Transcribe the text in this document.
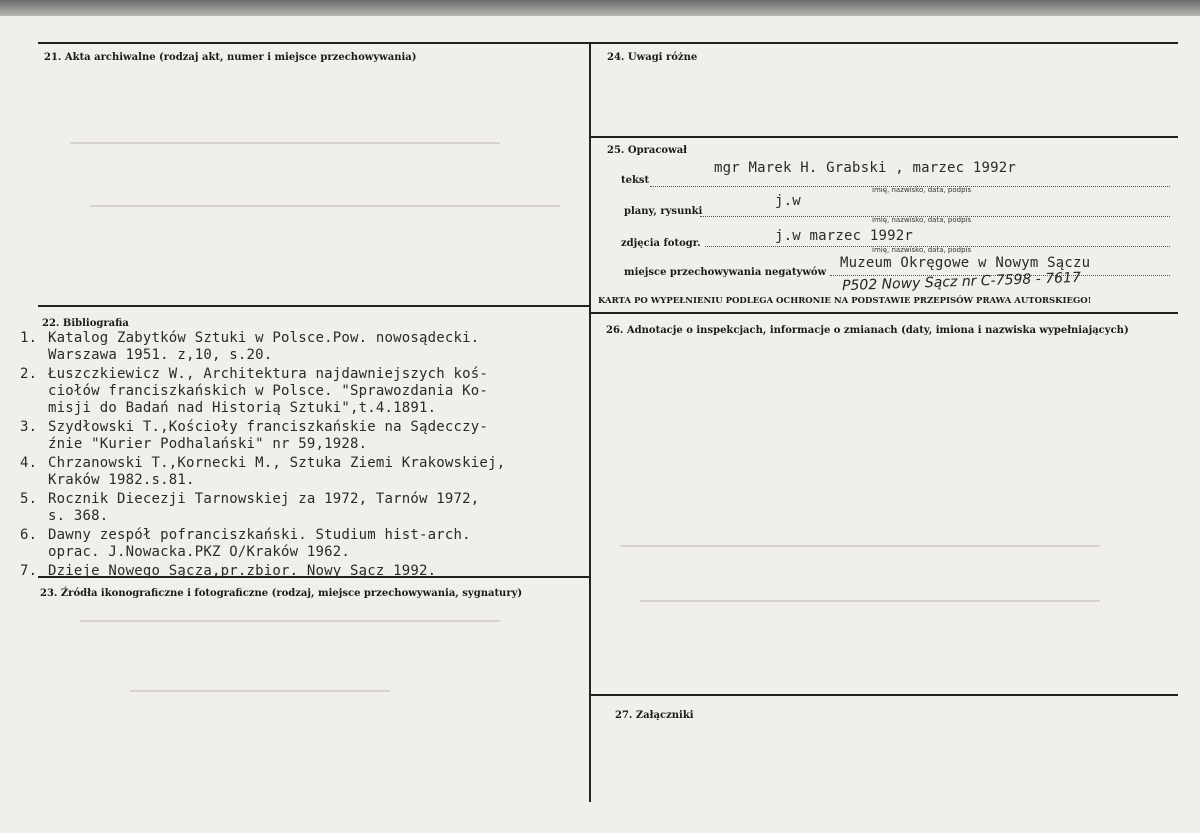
21. Akta archiwalne (rodzaj akt, numer i miejsce przechowywania)
22. Bibliografia
23. Źródła ikonograficzne i fotograficzne (rodzaj, miejsce przechowywania, sygnatury)
1. Katalog Zabytków Sztuki w Polsce.Pow. nowosądecki.
Warszawa 1951. z,10, s.20.
2. Łuszczkiewicz W., Architektura najdawniejszych koś-
ciołów franciszkańskich w Polsce. "Sprawozdania Ko-
misji do Badań nad Historią Sztuki",t.4.1891.
3. Szydłowski T.,Kościoły franciszkańskie na Sądecczy-
źnie "Kurier Podhalański" nr 59,1928.
4. Chrzanowski T.,Kornecki M., Sztuka Ziemi Krakowskiej,
Kraków 1982.s.81.
5. Rocznik Diecezji Tarnowskiej za 1972, Tarnów 1972,
s. 368.
6. Dawny zespół pofranciszkański. Studium hist-arch.
oprac. J.Nowacka.PKZ O/Kraków 1962.
7. Dzieje Nowego Sącza,pr.zbior. Nowy Sącz 1992.
24. Uwagi różne
25. Opracował
tekst
mgr Marek H. Grabski , marzec 1992r
imię, nazwisko, data, podpis
plany, rysunki
j.w
imię, nazwisko, data, podpis
zdjęcia fotogr.	j.w marzec 1992r
imię, nazwisko, data, podpis
miejsce przechowywania negatywów
Muzeum Okręgowe w Nowym Sączu
P502 Nowy Sącz nr C-7598 - 7617
KARTA PO WYPEŁNIENIU PODLEGA OCHRONIE NA PODSTAWIE PRZEPISÓW PRAWA AUTORSKIEGO!
26. Adnotacje o inspekcjach, informacje o zmianach (daty, imiona i nazwiska wypełniających)
27. Załączniki
